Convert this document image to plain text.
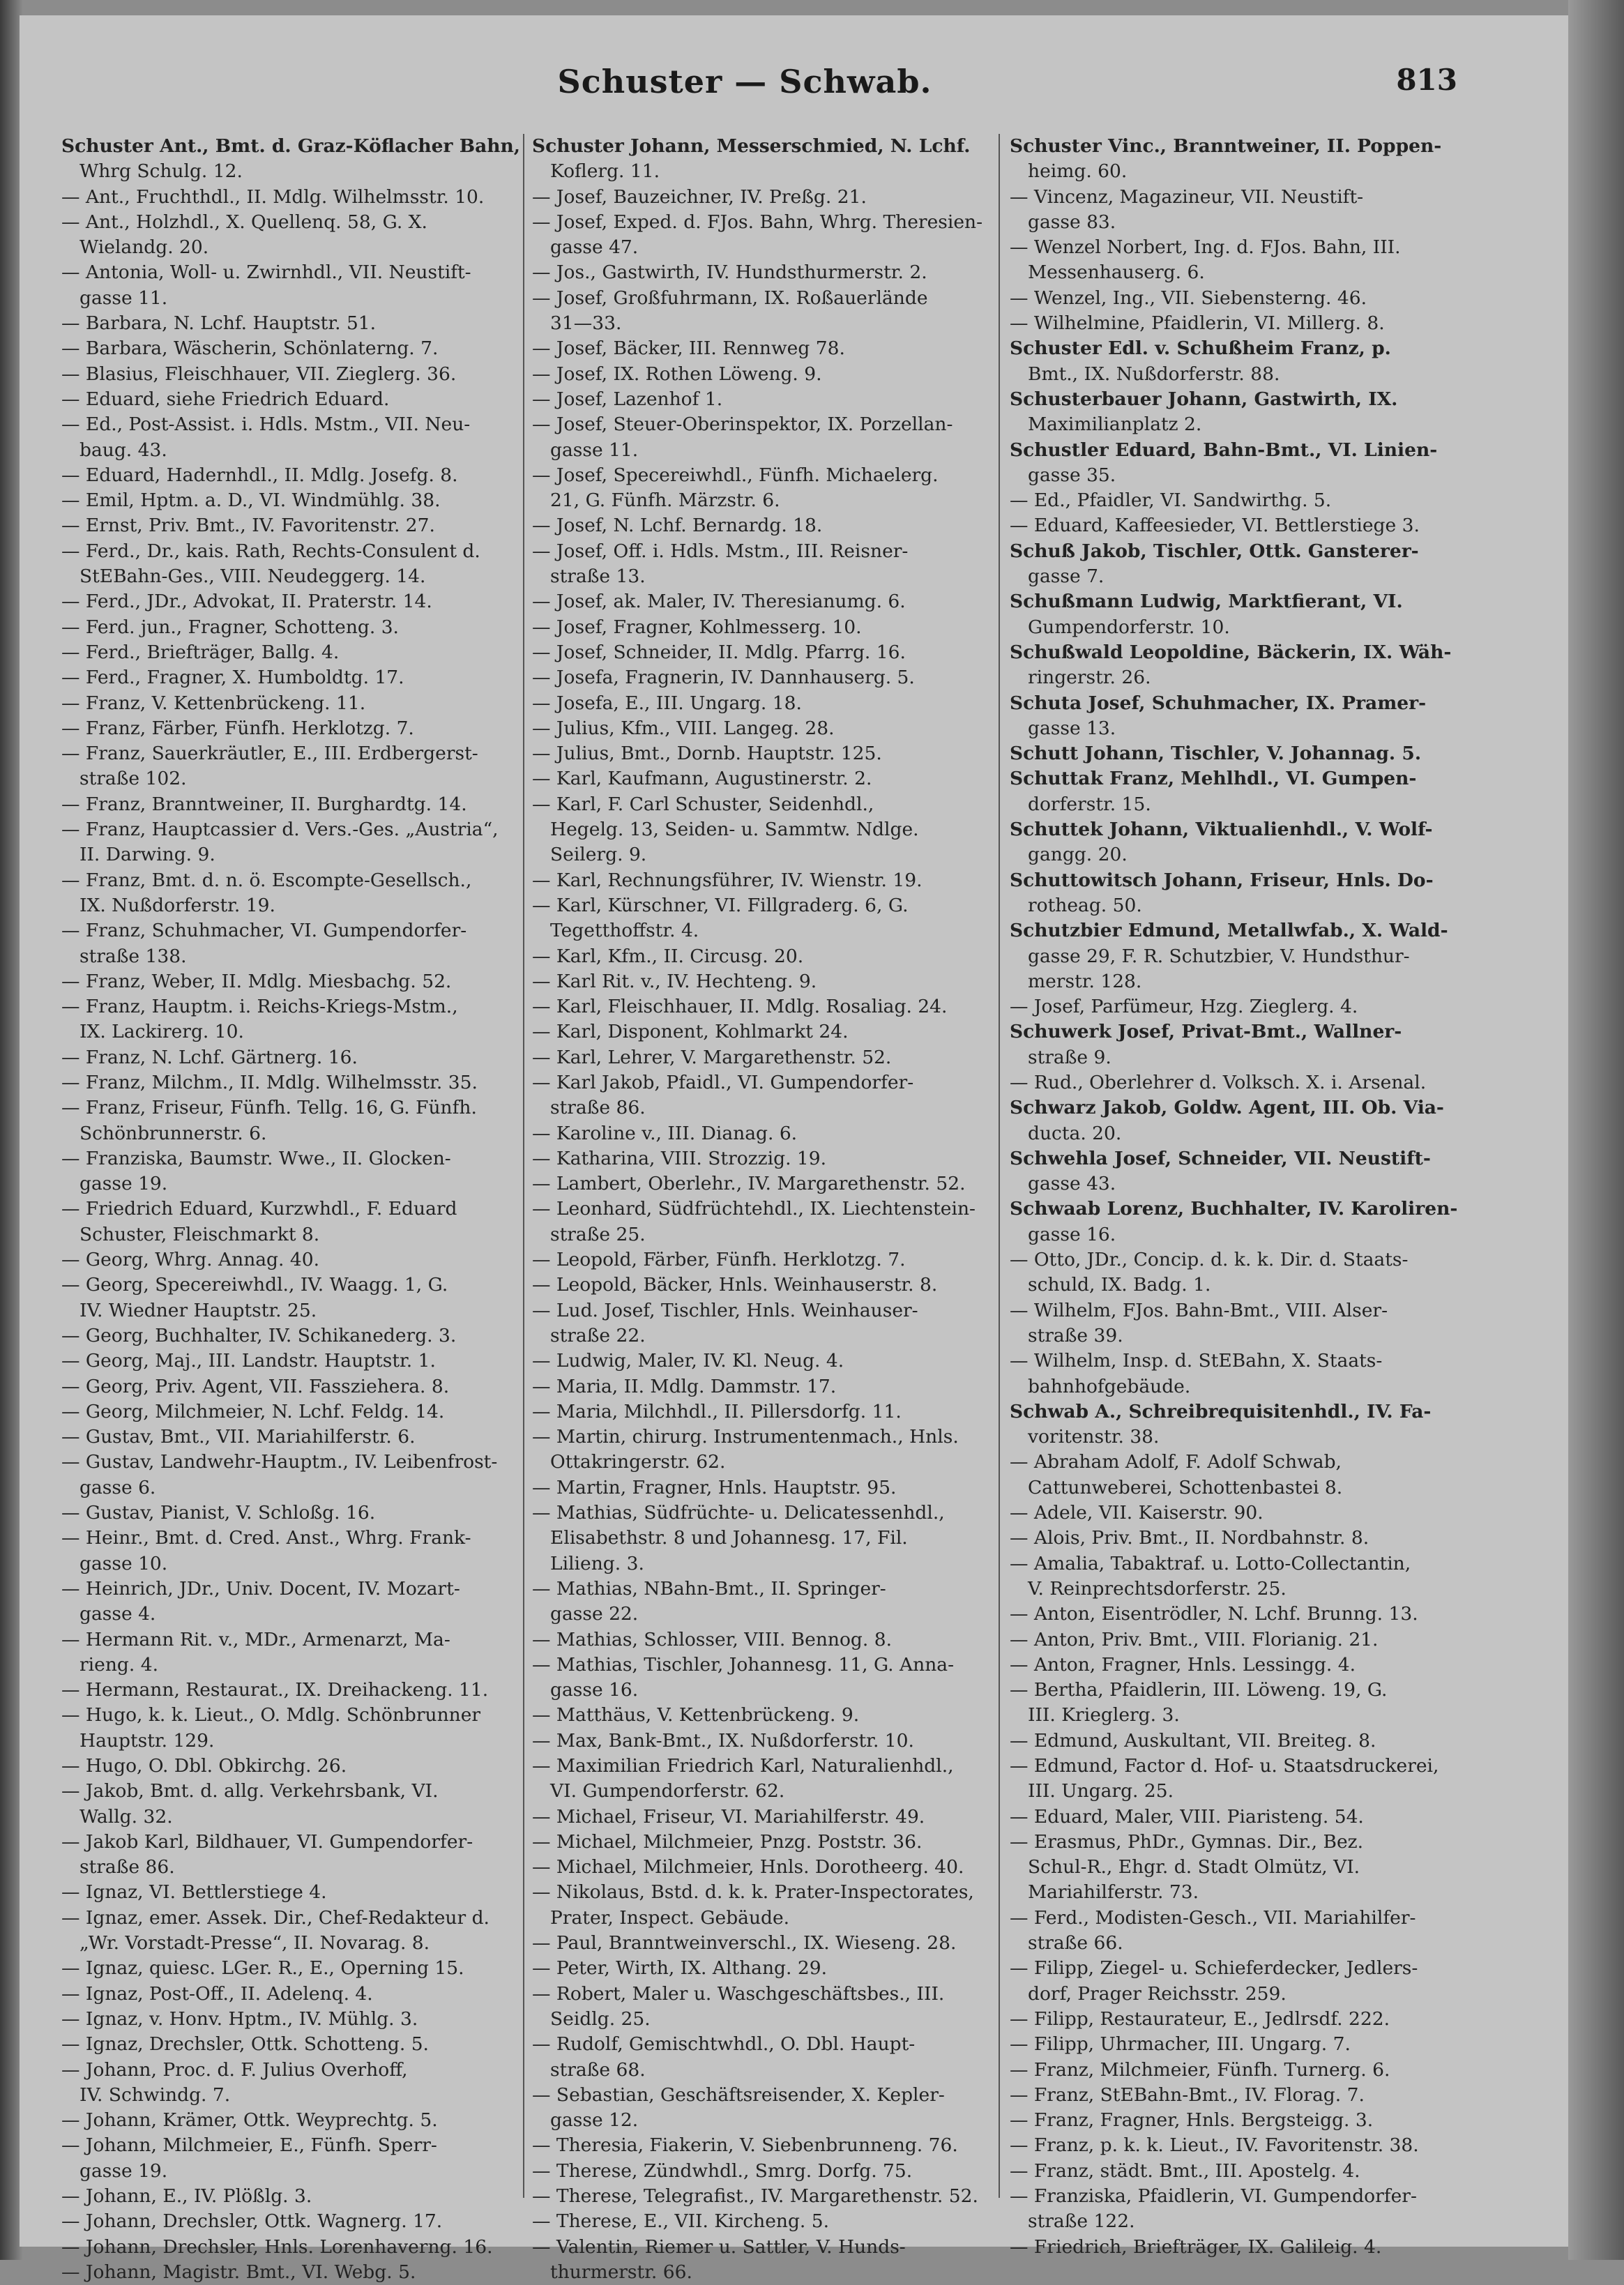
Schuster — Schwab.	813
Schuster Ant., Bmt. d. Graz-Köflacher Bahn,
Whrg Schulg. 12.
— Ant., Fruchthdl., II. Mdlg. Wilhelmsstr. 10.
— Ant., Holzhdl., X. Quellenq. 58, G. X.
Wielandg. 20.
— Antonia, Woll- u. Zwirnhdl., VII. Neustift-
gasse 11.
— Barbara, N. Lchf. Hauptstr. 51.
— Barbara, Wäscherin, Schönlaterng. 7.
— Blasius, Fleischhauer, VII. Zieglerg. 36.
— Eduard, siehe Friedrich Eduard.
— Ed., Post-Assist. i. Hdls. Mstm., VII. Neu-
baug. 43.
— Eduard, Hadernhdl., II. Mdlg. Josefg. 8.
— Emil, Hptm. a. D., VI. Windmühlg. 38.
— Ernst, Priv. Bmt., IV. Favoritenstr. 27.
— Ferd., Dr., kais. Rath, Rechts-Consulent d.
StEBahn-Ges., VIII. Neudeggerg. 14.
— Ferd., JDr., Advokat, II. Praterstr. 14.
— Ferd. jun., Fragner, Schotteng. 3.
— Ferd., Briefträger, Ballg. 4.
— Ferd., Fragner, X. Humboldtg. 17.
— Franz, V. Kettenbrückeng. 11.
— Franz, Färber, Fünfh. Herklotzg. 7.
— Franz, Sauerkräutler, E., III. Erdbergerst-
straße 102.
— Franz, Branntweiner, II. Burghardtg. 14.
— Franz, Hauptcassier d. Vers.-Ges. „Austria“,
II. Darwing. 9.
— Franz, Bmt. d. n. ö. Escompte-Gesellsch.,
IX. Nußdorferstr. 19.
— Franz, Schuhmacher, VI. Gumpendorfer-
straße 138.
— Franz, Weber, II. Mdlg. Miesbachg. 52.
— Franz, Hauptm. i. Reichs-Kriegs-Mstm.,
IX. Lackirerg. 10.
— Franz, N. Lchf. Gärtnerg. 16.
— Franz, Milchm., II. Mdlg. Wilhelmsstr. 35.
— Franz, Friseur, Fünfh. Tellg. 16, G. Fünfh.
Schönbrunnerstr. 6.
— Franziska, Baumstr. Wwe., II. Glocken-
gasse 19.
— Friedrich Eduard, Kurzwhdl., F. Eduard
Schuster, Fleischmarkt 8.
— Georg, Whrg. Annag. 40.
— Georg, Specereiwhdl., IV. Waagg. 1, G.
IV. Wiedner Hauptstr. 25.
— Georg, Buchhalter, IV. Schikanederg. 3.
— Georg, Maj., III. Landstr. Hauptstr. 1.
— Georg, Priv. Agent, VII. Fassziehera. 8.
— Georg, Milchmeier, N. Lchf. Feldg. 14.
— Gustav, Bmt., VII. Mariahilferstr. 6.
— Gustav, Landwehr-Hauptm., IV. Leibenfrost-
gasse 6.
— Gustav, Pianist, V. Schloßg. 16.
— Heinr., Bmt. d. Cred. Anst., Whrg. Frank-
gasse 10.
— Heinrich, JDr., Univ. Docent, IV. Mozart-
gasse 4.
— Hermann Rit. v., MDr., Armenarzt, Ma-
rieng. 4.
— Hermann, Restaurat., IX. Dreihackeng. 11.
— Hugo, k. k. Lieut., O. Mdlg. Schönbrunner
Hauptstr. 129.
— Hugo, O. Dbl. Obkirchg. 26.
— Jakob, Bmt. d. allg. Verkehrsbank, VI.
Wallg. 32.
— Jakob Karl, Bildhauer, VI. Gumpendorfer-
straße 86.
— Ignaz, VI. Bettlerstiege 4.
— Ignaz, emer. Assek. Dir., Chef-Redakteur d.
„Wr. Vorstadt-Presse“, II. Novarag. 8.
— Ignaz, quiesc. LGer. R., E., Operning 15.
— Ignaz, Post-Off., II. Adelenq. 4.
— Ignaz, v. Honv. Hptm., IV. Mühlg. 3.
— Ignaz, Drechsler, Ottk. Schotteng. 5.
— Johann, Proc. d. F. Julius Overhoff,
IV. Schwindg. 7.
— Johann, Krämer, Ottk. Weyprechtg. 5.
— Johann, Milchmeier, E., Fünfh. Sperr-
gasse 19.
— Johann, E., IV. Plößlg. 3.
— Johann, Drechsler, Ottk. Wagnerg. 17.
— Johann, Drechsler, Hnls. Lorenhaverng. 16.
— Johann, Magistr. Bmt., VI. Webg. 5.
Schuster Johann, Messerschmied, N. Lchf.
Koflerg. 11.
— Josef, Bauzeichner, IV. Preßg. 21.
— Josef, Exped. d. FJos. Bahn, Whrg. Theresien-
gasse 47.
— Jos., Gastwirth, IV. Hundsthurmerstr. 2.
— Josef, Großfuhrmann, IX. Roßauerlände
31—33.
— Josef, Bäcker, III. Rennweg 78.
— Josef, IX. Rothen Löweng. 9.
— Josef, Lazenhof 1.
— Josef, Steuer-Oberinspektor, IX. Porzellan-
gasse 11.
— Josef, Specereiwhdl., Fünfh. Michaelerg.
21, G. Fünfh. Märzstr. 6.
— Josef, N. Lchf. Bernardg. 18.
— Josef, Off. i. Hdls. Mstm., III. Reisner-
straße 13.
— Josef, ak. Maler, IV. Theresianumg. 6.
— Josef, Fragner, Kohlmesserg. 10.
— Josef, Schneider, II. Mdlg. Pfarrg. 16.
— Josefa, Fragnerin, IV. Dannhauserg. 5.
— Josefa, E., III. Ungarg. 18.
— Julius, Kfm., VIII. Langeg. 28.
— Julius, Bmt., Dornb. Hauptstr. 125.
— Karl, Kaufmann, Augustinerstr. 2.
— Karl, F. Carl Schuster, Seidenhdl.,
Hegelg. 13, Seiden- u. Sammtw. Ndlge.
Seilerg. 9.
— Karl, Rechnungsführer, IV. Wienstr. 19.
— Karl, Kürschner, VI. Fillgraderg. 6, G.
Tegetthoffstr. 4.
— Karl, Kfm., II. Circusg. 20.
— Karl Rit. v., IV. Hechteng. 9.
— Karl, Fleischhauer, II. Mdlg. Rosaliag. 24.
— Karl, Disponent, Kohlmarkt 24.
— Karl, Lehrer, V. Margarethenstr. 52.
— Karl Jakob, Pfaidl., VI. Gumpendorfer-
straße 86.
— Karoline v., III. Dianag. 6.
— Katharina, VIII. Strozzig. 19.
— Lambert, Oberlehr., IV. Margarethenstr. 52.
— Leonhard, Südfrüchtehdl., IX. Liechtenstein-
straße 25.
— Leopold, Färber, Fünfh. Herklotzg. 7.
— Leopold, Bäcker, Hnls. Weinhauserstr. 8.
— Lud. Josef, Tischler, Hnls. Weinhauser-
straße 22.
— Ludwig, Maler, IV. Kl. Neug. 4.
— Maria, II. Mdlg. Dammstr. 17.
— Maria, Milchhdl., II. Pillersdorfg. 11.
— Martin, chirurg. Instrumentenmach., Hnls.
Ottakringerstr. 62.
— Martin, Fragner, Hnls. Hauptstr. 95.
— Mathias, Südfrüchte- u. Delicatessenhdl.,
Elisabethstr. 8 und Johannesg. 17, Fil.
Lilieng. 3.
— Mathias, NBahn-Bmt., II. Springer-
gasse 22.
— Mathias, Schlosser, VIII. Bennog. 8.
— Mathias, Tischler, Johannesg. 11, G. Anna-
gasse 16.
— Matthäus, V. Kettenbrückeng. 9.
— Max, Bank-Bmt., IX. Nußdorferstr. 10.
— Maximilian Friedrich Karl, Naturalienhdl.,
VI. Gumpendorferstr. 62.
— Michael, Friseur, VI. Mariahilferstr. 49.
— Michael, Milchmeier, Pnzg. Poststr. 36.
— Michael, Milchmeier, Hnls. Dorotheerg. 40.
— Nikolaus, Bstd. d. k. k. Prater-Inspectorates,
Prater, Inspect. Gebäude.
— Paul, Branntweinverschl., IX. Wieseng. 28.
— Peter, Wirth, IX. Althang. 29.
— Robert, Maler u. Waschgeschäftsbes., III.
Seidlg. 25.
— Rudolf, Gemischtwhdl., O. Dbl. Haupt-
straße 68.
— Sebastian, Geschäftsreisender, X. Kepler-
gasse 12.
— Theresia, Fiakerin, V. Siebenbrunneng. 76.
— Therese, Zündwhdl., Smrg. Dorfg. 75.
— Therese, Telegrafist., IV. Margarethenstr. 52.
— Therese, E., VII. Kircheng. 5.
— Valentin, Riemer u. Sattler, V. Hunds-
thurmerstr. 66.
Schuster Vinc., Branntweiner, II. Poppen-
heimg. 60.
— Vincenz, Magazineur, VII. Neustift-
gasse 83.
— Wenzel Norbert, Ing. d. FJos. Bahn, III.
Messenhauserg. 6.
— Wenzel, Ing., VII. Siebensterng. 46.
— Wilhelmine, Pfaidlerin, VI. Millerg. 8.
Schuster Edl. v. Schußheim Franz, p.
Bmt., IX. Nußdorferstr. 88.
Schusterbauer Johann, Gastwirth, IX.
Maximilianplatz 2.
Schustler Eduard, Bahn-Bmt., VI. Linien-
gasse 35.
— Ed., Pfaidler, VI. Sandwirthg. 5.
— Eduard, Kaffeesieder, VI. Bettlerstiege 3.
Schuß Jakob, Tischler, Ottk. Gansterer-
gasse 7.
Schußmann Ludwig, Marktfierant, VI.
Gumpendorferstr. 10.
Schußwald Leopoldine, Bäckerin, IX. Wäh-
ringerstr. 26.
Schuta Josef, Schuhmacher, IX. Pramer-
gasse 13.
Schutt Johann, Tischler, V. Johannag. 5.
Schuttak Franz, Mehlhdl., VI. Gumpen-
dorferstr. 15.
Schuttek Johann, Viktualienhdl., V. Wolf-
gangg. 20.
Schuttowitsch Johann, Friseur, Hnls. Do-
rotheag. 50.
Schutzbier Edmund, Metallwfab., X. Wald-
gasse 29, F. R. Schutzbier, V. Hundsthur-
merstr. 128.
— Josef, Parfümeur, Hzg. Zieglerg. 4.
Schuwerk Josef, Privat-Bmt., Wallner-
straße 9.
— Rud., Oberlehrer d. Volksch. X. i. Arsenal.
Schwarz Jakob, Goldw. Agent, III. Ob. Via-
ducta. 20.
Schwehla Josef, Schneider, VII. Neustift-
gasse 43.
Schwaab Lorenz, Buchhalter, IV. Karoliren-
gasse 16.
— Otto, JDr., Concip. d. k. k. Dir. d. Staats-
schuld, IX. Badg. 1.
— Wilhelm, FJos. Bahn-Bmt., VIII. Alser-
straße 39.
— Wilhelm, Insp. d. StEBahn, X. Staats-
bahnhofgebäude.
Schwab A., Schreibrequisitenhdl., IV. Fa-
voritenstr. 38.
— Abraham Adolf, F. Adolf Schwab,
Cattunweberei, Schottenbastei 8.
— Adele, VII. Kaiserstr. 90.
— Alois, Priv. Bmt., II. Nordbahnstr. 8.
— Amalia, Tabaktraf. u. Lotto-Collectantin,
V. Reinprechtsdorferstr. 25.
— Anton, Eisentrödler, N. Lchf. Brunng. 13.
— Anton, Priv. Bmt., VIII. Florianig. 21.
— Anton, Fragner, Hnls. Lessingg. 4.
— Bertha, Pfaidlerin, III. Löweng. 19, G.
III. Krieglerg. 3.
— Edmund, Auskultant, VII. Breiteg. 8.
— Edmund, Factor d. Hof- u. Staatsdruckerei,
III. Ungarg. 25.
— Eduard, Maler, VIII. Piaristeng. 54.
— Erasmus, PhDr., Gymnas. Dir., Bez.
Schul-R., Ehgr. d. Stadt Olmütz, VI.
Mariahilferstr. 73.
— Ferd., Modisten-Gesch., VII. Mariahilfer-
straße 66.
— Filipp, Ziegel- u. Schieferdecker, Jedlers-
dorf, Prager Reichsstr. 259.
— Filipp, Restaurateur, E., Jedlrsdf. 222.
— Filipp, Uhrmacher, III. Ungarg. 7.
— Franz, Milchmeier, Fünfh. Turnerg. 6.
— Franz, StEBahn-Bmt., IV. Florag. 7.
— Franz, Fragner, Hnls. Bergsteigg. 3.
— Franz, p. k. k. Lieut., IV. Favoritenstr. 38.
— Franz, städt. Bmt., III. Apostelg. 4.
— Franziska, Pfaidlerin, VI. Gumpendorfer-
straße 122.
— Friedrich, Briefträger, IX. Galileig. 4.
